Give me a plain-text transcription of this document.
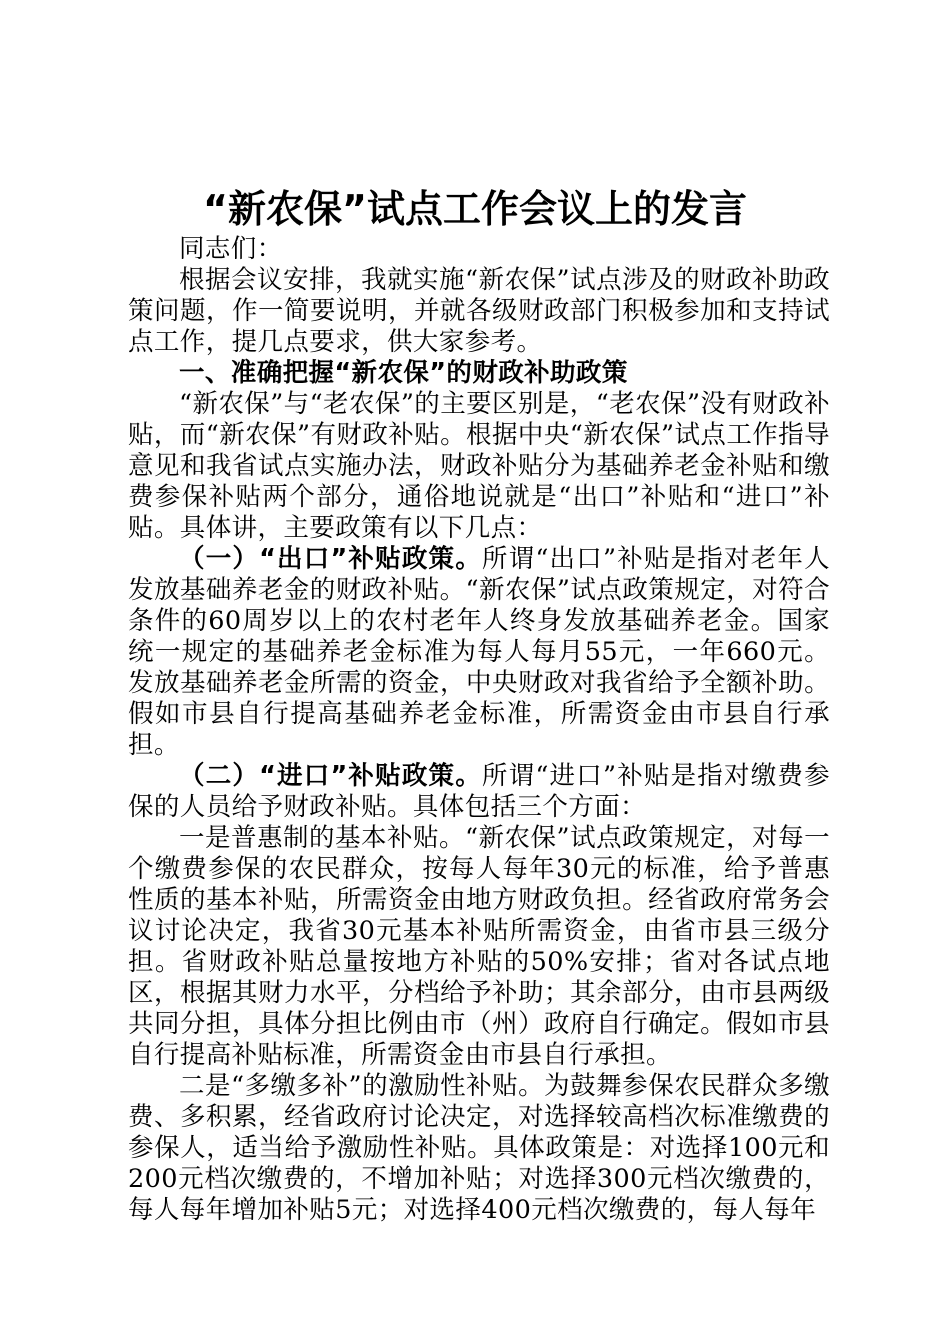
“新农保”试点工作会议上的发言

同志们：

根据会议安排，我就实施“新农保”试点涉及的财政补助政策问题，作一简要说明，并就各级财政部门积极参加和支持试点工作，提几点要求，供大家参考。

一、准确把握“新农保”的财政补助政策

“新农保”与“老农保”的主要区别是，“老农保”没有财政补贴，而“新农保”有财政补贴。根据中央“新农保”试点工作指导意见和我省试点实施办法，财政补贴分为基础养老金补贴和缴费参保补贴两个部分，通俗地说就是“出口”补贴和“进口”补贴。具体讲，主要政策有以下几点：

（一）“出口”补贴政策。所谓“出口”补贴是指对老年人发放基础养老金的财政补贴。“新农保”试点政策规定，对符合条件的60周岁以上的农村老年人终身发放基础养老金。国家统一规定的基础养老金标准为每人每月55元，一年660元。发放基础养老金所需的资金，中央财政对我省给予全额补助。假如市县自行提高基础养老金标准，所需资金由市县自行承担。

（二）“进口”补贴政策。所谓“进口”补贴是指对缴费参保的人员给予财政补贴。具体包括三个方面：

一是普惠制的基本补贴。“新农保”试点政策规定，对每一个缴费参保的农民群众，按每人每年30元的标准，给予普惠性质的基本补贴，所需资金由地方财政负担。经省政府常务会议讨论决定，我省30元基本补贴所需资金，由省市县三级分担。省财政补贴总量按地方补贴的50%安排；省对各试点地区，根据其财力水平，分档给予补助；其余部分，由市县两级共同分担，具体分担比例由市（州）政府自行确定。假如市县自行提高补贴标准，所需资金由市县自行承担。

二是“多缴多补”的激励性补贴。为鼓舞参保农民群众多缴费、多积累，经省政府讨论决定，对选择较高档次标准缴费的参保人，适当给予激励性补贴。具体政策是：对选择100元和200元档次缴费的，不增加补贴；对选择300元档次缴费的，每人每年增加补贴5元；对选择400元档次缴费的，每人每年
